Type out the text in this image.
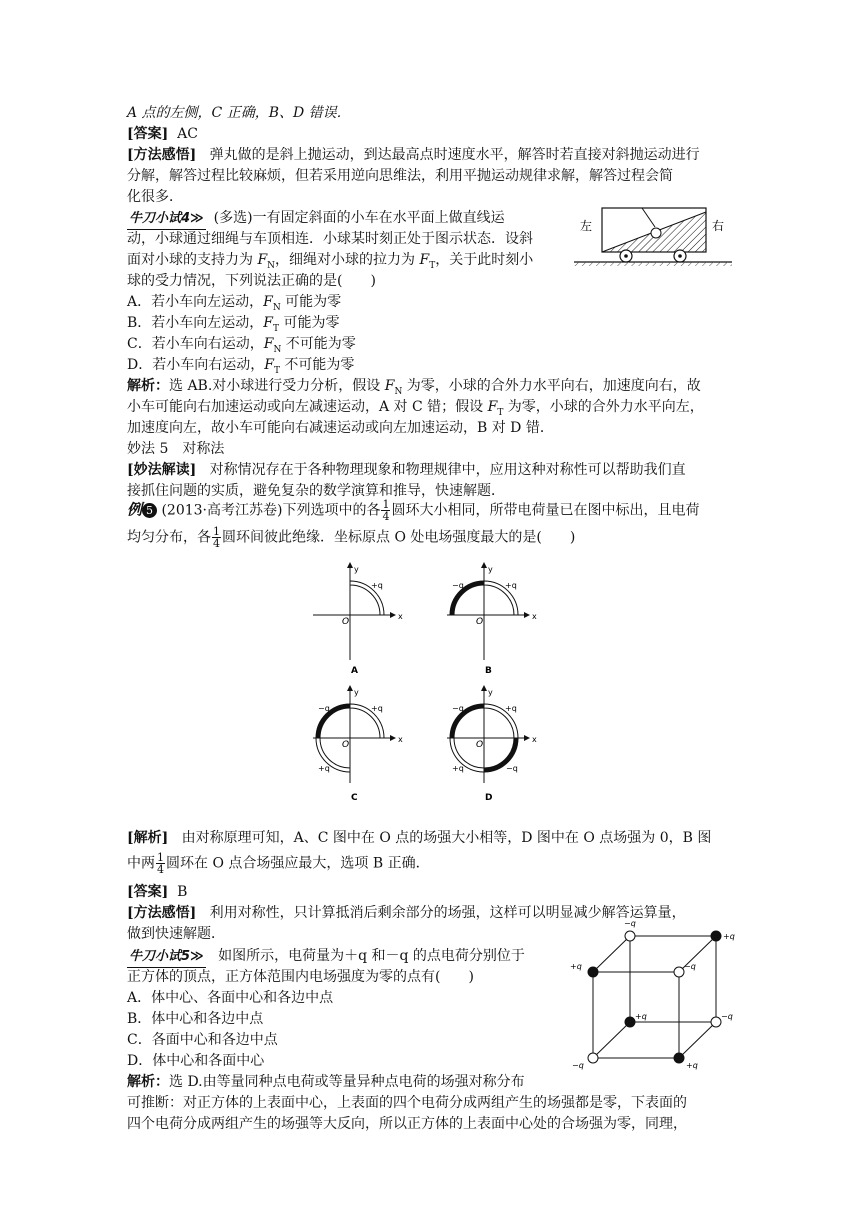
A 点的左侧，C 正确，B、D 错误．
[答案] AC
[方法感悟] 弹丸做的是斜上抛运动，到达最高点时速度水平，解答时若直接对斜抛运动进行
分解，解答过程比较麻烦，但若采用逆向思维法，利用平抛运动规律求解，解答过程会简
化很多．
牛刀小试4≫ (多选)一有固定斜面的小车在水平面上做直线运
动，小球通过细绳与车顶相连．小球某时刻正处于图示状态．设斜
面对小球的支持力为 $F_N$，细绳对小球的拉力为 $F_T$，关于此时刻小
球的受力情况，下列说法正确的是(　　)
A．若小车向左运动，$F_N$ 可能为零
B．若小车向左运动，$F_T$ 可能为零
C．若小车向右运动，$F_N$ 不可能为零
D．若小车向右运动，$F_T$ 不可能为零
解析：选 AB.对小球进行受力分析，假设 $F_N$ 为零，小球的合外力水平向右，加速度向右，故
小车可能向右加速运动或向左减速运动，A 对 C 错；假设 $F_T$ 为零，小球的合外力水平向左，
加速度向左，故小车可能向右减速运动或向左加速运动，B 对 D 错．
妙法 5　对称法
[妙法解读] 对称情况存在于各种物理现象和物理规律中，应用这种对称性可以帮助我们直
接抓住问题的实质，避免复杂的数学演算和推导，快速解题．
例 5 (2013·高考江苏卷)下列选项中的各 $\frac{1}{4}$ 圆环大小相同，所带电荷量已在图中标出，且电荷
均匀分布，各 $\frac{1}{4}$ 圆环间彼此绝缘．坐标原点 O 处电场强度最大的是(　　)
y
x
O
+q
y
x
O
+q
−q
A	B
y
x
O
+q
−q
+q
y
x
O
+q
−q
+q	−q
C	D
[解析] 由对称原理可知，A、C 图中在 O 点的场强大小相等，D 图中在 O 点场强为 0，B 图
中两 $\frac{1}{4}$ 圆环在 O 点合场强应最大，选项 B 正确．
[答案] B
[方法感悟] 利用对称性，只计算抵消后剩余部分的场强，这样可以明显减少解答运算量，
做到快速解题．
牛刀小试5≫ 如图所示，电荷量为＋q 和－q 的点电荷分别位于
正方体的顶点，正方体范围内电场强度为零的点有(　　)
A．体中心、各面中心和各边中点
B．体中心和各边中点
C．各面中心和各边中点
D．体中心和各面中心
解析：选 D.由等量同种点电荷或等量异种点电荷的场强对称分布
可推断：对正方体的上表面中心，上表面的四个电荷分成两组产生的场强都是零，下表面的
四个电荷分成两组产生的场强等大反向，所以正方体的上表面中心处的合场强为零，同理，
左	右
−q
+q
+q	−q
+q	−q
−q	+q
